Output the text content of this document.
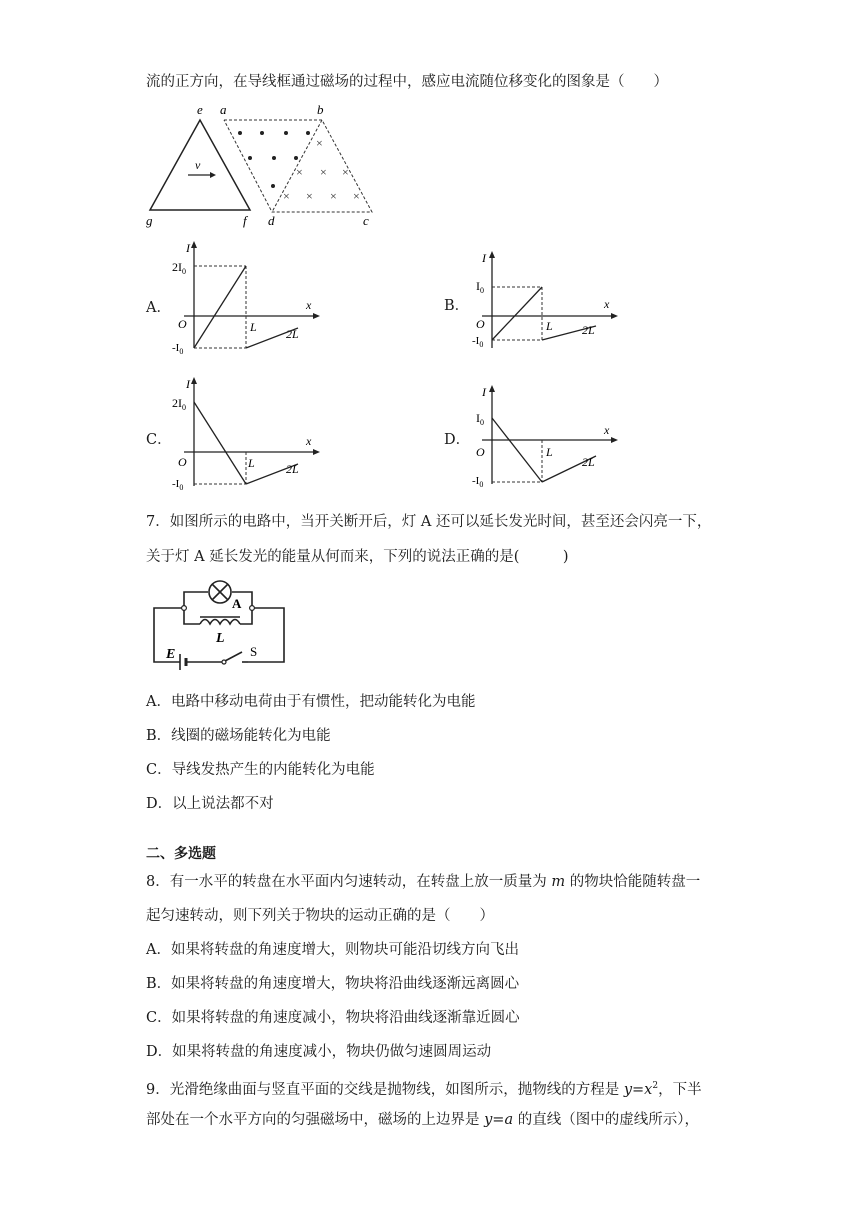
流的正方向，在导线框通过磁场的过程中，感应电流随位移变化的图象是（　　）
v
×
× × ×
× × × ×
e a	b
g	f d	c
A．
I
x
O
$2I_0$
$-I_0$
L 2L
B．
I
x
O
$I_0$
$-I_0$
L 2L
C．
I
x
O
$2I_0$
$-I_0$
L	2L
D．
I
x
O
$I_0$
$-I_0$
L
2L
7．如图所示的电路中，当开关断开后，灯 A 还可以延长发光时间，甚至还会闪亮一下，
关于灯 A 延长发光的能量从何而来，下列的说法正确的是(　　　)
A
L
E	S
A．电路中移动电荷由于有惯性，把动能转化为电能
B．线圈的磁场能转化为电能
C．导线发热产生的内能转化为电能
D．以上说法都不对
二、多选题
8．有一水平的转盘在水平面内匀速转动，在转盘上放一质量为 m 的物块恰能随转盘一
起匀速转动，则下列关于物块的运动正确的是（　　）
A．如果将转盘的角速度增大，则物块可能沿切线方向飞出
B．如果将转盘的角速度增大，物块将沿曲线逐渐远离圆心
C．如果将转盘的角速度减小，物块将沿曲线逐渐靠近圆心
D．如果将转盘的角速度减小，物块仍做匀速圆周运动
9．光滑绝缘曲面与竖直平面的交线是抛物线，如图所示，抛物线的方程是 $y=x^2$，下半
部处在一个水平方向的匀强磁场中，磁场的上边界是 y=a 的直线（图中的虚线所示），
